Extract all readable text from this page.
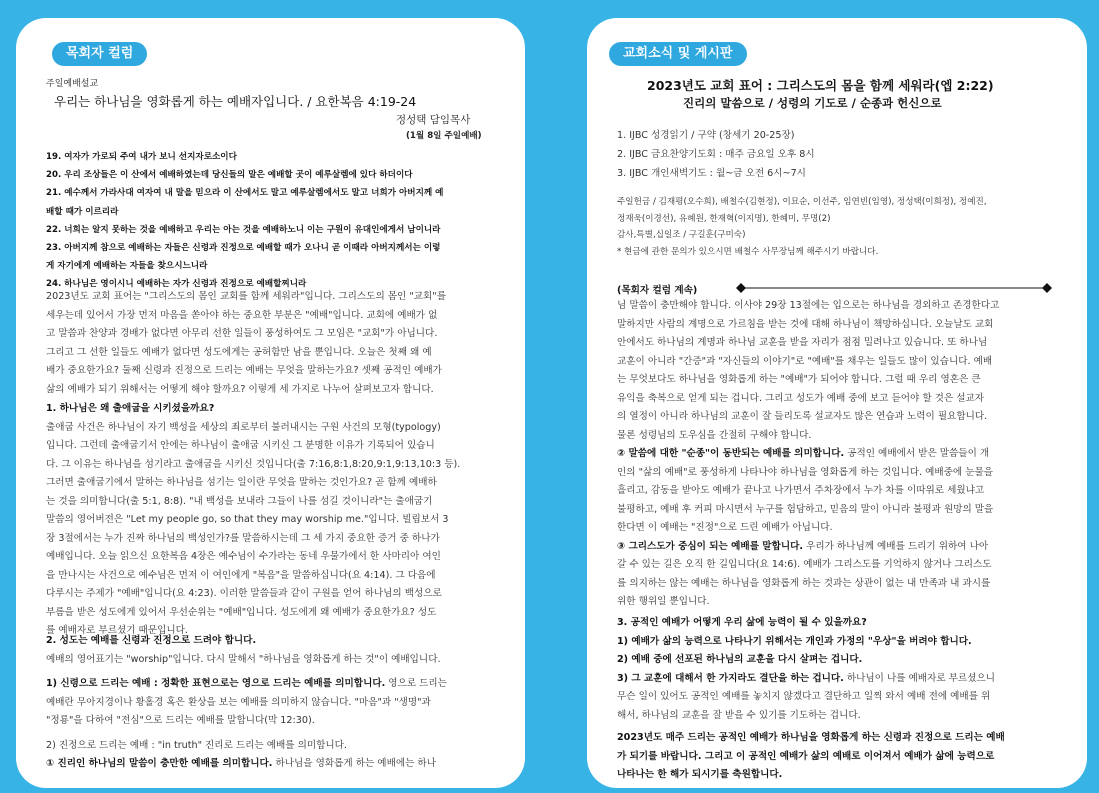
목회자 컬럼
주일예배설교
우리는 하나님을 영화롭게 하는 예배자입니다. / 요한복음 4:19-24
정성택 담임목사
(1월 8일 주일예배)

19. 여자가 가로되 주여 내가 보니 선지자로소이다

20. 우리 조상들은 이 산에서 예배하였는데 당신들의 말은 예배할 곳이 예루살렘에 있다 하더이다

21. 예수께서 가라사대 여자여 내 말을 믿으라 이 산에서도 말고 예루살렘에서도 말고 너희가 아버지께 예

배할 때가 이르리라

22. 너희는 알지 못하는 것을 예배하고 우리는 아는 것을 예배하노니 이는 구원이 유대인에게서 남이니라

23. 아버지께 참으로 예배하는 자들은 신령과 진정으로 예배할 때가 오나니 곧 이때라 아버지께서는 이렇

게 자기에게 예배하는 자들을 찾으시느니라

24. 하나님은 영이시니 예배하는 자가 신령과 진정으로 예배할찌니라

2023년도 교회 표어는 "그리스도의 몸인 교회를 함께 세워라"입니다. 그리스도의 몸인 "교회"를

세우는데 있어서 가장 먼저 마음을 쏟아야 하는 중요한 부분은 "예배"입니다. 교회에 예배가 없

고 말씀과 찬양과 경배가 없다면 아무리 선한 일들이 풍성하여도 그 모임은 "교회"가 아닙니다.

그리고 그 선한 일들도 예배가 없다면 성도에게는 공허함만 남을 뿐입니다. 오늘은 첫째 왜 예

배가 중요한가요? 둘째 신령과 진정으로 드리는 예배는 무엇을 말하는가요? 셋째 공적인 예배가

삶의 예배가 되기 위해서는 어떻게 해야 할까요? 이렇게 세 가지로 나누어 살펴보고자 합니다.

1. 하나님은 왜 출애굽을 시키셨을까요?

출애굽 사건은 하나님이 자기 백성을 세상의 죄로부터 불러내시는 구원 사건의 모형(typology)

입니다. 그런데 출애굽기서 안에는 하나님이 출애굽 시키신 그 분명한 이유가 기록되어 있습니

다. 그 이유는 하나님을 섬기라고 출애굽을 시키신 것입니다(출 7:16,8:1,8:20,9:1,9:13,10:3 등).

그러면 출애굽기에서 말하는 하나님을 섬기는 일이란 무엇을 말하는 것인가요? 곧 함께 예배하

는 것을 의미합니다(출 5:1, 8:8). "내 백성을 보내라 그들이 나를 섬길 것이니라"는 출애굽기

말씀의 영어버전은 "Let my people go, so that they may worship me."입니다. 빌립보서 3

장 3절에서는 누가 진짜 하나님의 백성인가?를 말씀하시는데 그 세 가지 중요한 증거 중 하나가

예배입니다. 오늘 읽으신 요한복음 4장은 예수님이 수가라는 동네 우물가에서 한 사마리아 여인

을 만나시는 사건으로 예수님은 먼저 이 여인에게 "복음"을 말씀하십니다(요 4:14). 그 다음에

다루시는 주제가 "예배"입니다(요 4:23). 이러한 말씀들과 같이 구원을 얻어 하나님의 백성으로

부름을 받은 성도에게 있어서 우선순위는 "예배"입니다. 성도에게 왜 예배가 중요한가요? 성도

를 예배자로 부르셨기 때문입니다.

2. 성도는 예배를 신령과 진정으로 드려야 합니다.

예배의 영어표기는 "worship"입니다. 다시 말해서 "하나님을 영화롭게 하는 것"이 예배입니다.

1) 신령으로 드리는 예배 : 정확한 표현으로는 영으로 드리는 예배를 의미합니다. 영으로 드리는

예배란 무아지경이나 황홀경 혹은 환상을 보는 예배를 의미하지 않습니다. "마음"과 "생명"과

"정룡"을 다하여 "전심"으로 드리는 예배를 말합니다(막 12:30).

2) 진정으로 드리는 예배 : "in truth" 진리로 드리는 예배를 의미합니다.

① 진리인 하나님의 말씀이 충만한 예배를 의미합니다. 하나님을 영화롭게 하는 예배에는 하나

교회소식 및 게시판
2023년도 교회 표어 : 그리스도의 몸을 함께 세워라(엡 2:22)
진리의 말씀으로 / 성령의 기도로 / 순종과 헌신으로

1. IJBC 성경읽기 / 구약 (창세기 20-25장)

2. IJBC 금요찬양기도회 : 매주 금요일 오후 8시

3. IJBC 개인새벽기도 : 월~금 오전 6시~7시

주일헌금 / 김재평(오수희), 배철수(김현정), 이묘순, 이선주, 임연빈(임영), 정성택(이희정), 정예진,

정재욱(이경선), 유혜원, 한재혁(이지명), 한혜미, 무명(2)

감사,특별,십일조 / 구길훈(구미숙)

* 현금에 관한 문의가 있으시면 배철수 사무장님께 해주시기 바랍니다.

(목회자 컬럼 계속)

님 말씀이 충만해야 합니다. 이사야 29장 13절에는 입으로는 하나님을 경외하고 존경한다고

말하지만 사람의 계명으로 가르침을 받는 것에 대해 하나님이 책망하십니다. 오늘날도 교회

안에서도 하나님의 계명과 하나님 교훈을 받을 자리가 점점 밀려나고 있습니다. 또 하나님

교훈이 아니라 "간증"과 "자신들의 이야기"로 "예배"를 채우는 일들도 많이 있습니다. 예배

는 무엇보다도 하나님을 영화롭게 하는 "예배"가 되어야 합니다. 그럴 때 우리 영혼은 큰

유익을 축복으로 얻게 되는 겁니다. 그리고 성도가 예배 중에 보고 듣어야 할 것은 설교자

의 열정이 아니라 하나님의 교훈이 잘 들리도록 설교자도 많은 연습과 노력이 필요합니다.

물론 성령님의 도우심을 간절히 구해야 합니다.

② 말씀에 대한 "순종"이 동반되는 예배를 의미합니다. 공적인 예배에서 받은 말씀들이 개

인의 "삶의 예배"로 풍성하게 나타나야 하나님을 영화롭게 하는 것입니다. 예배중에 눈물을

흘리고, 감동을 받아도 예배가 끝나고 나가면서 주차장에서 누가 차를 이따위로 세웠냐고

불평하고, 예배 후 커피 마시면서 누구를 험담하고, 믿음의 말이 아니라 불평과 원망의 말을

한다면 이 예배는 "진정"으로 드린 예배가 아닙니다.

③ 그리스도가 중심이 되는 예배를 말합니다. 우리가 하나님께 예배를 드리기 위하여 나아

갈 수 있는 길은 오직 한 길입니다(요 14:6). 예배가 그리스도를 기억하지 않거나 그리스도

를 의지하는 않는 예배는 하나님을 영화롭게 하는 것과는 상관이 없는 내 만족과 내 과시를

위한 행위일 뿐입니다.

3. 공적인 예배가 어떻게 우리 삶에 능력이 될 수 있을까요?

1) 예배가 삶의 능력으로 나타나기 위해서는 개인과 가정의 "우상"을 버려야 합니다.

2) 예배 중에 선포된 하나님의 교훈을 다시 살펴는 겁니다.

3) 그 교훈에 대해서 한 가지라도 결단을 하는 겁니다. 하나님이 나를 예배자로 부르셨으니

무슨 일이 있어도 공적인 예배를 놓치지 않겠다고 결단하고 일찍 와서 예배 전에 예배를 위

해서, 하나님의 교훈을 잘 받을 수 있기를 기도하는 겁니다.

2023년도 매주 드리는 공적인 예배가 하나님을 영화롭게 하는 신령과 진정으로 드리는 예배

가 되기를 바랍니다. 그리고 이 공적인 예배가 삶의 예배로 이어져서 예배가 삶에 능력으로

나타나는 한 해가 되시기를 축원합니다.
